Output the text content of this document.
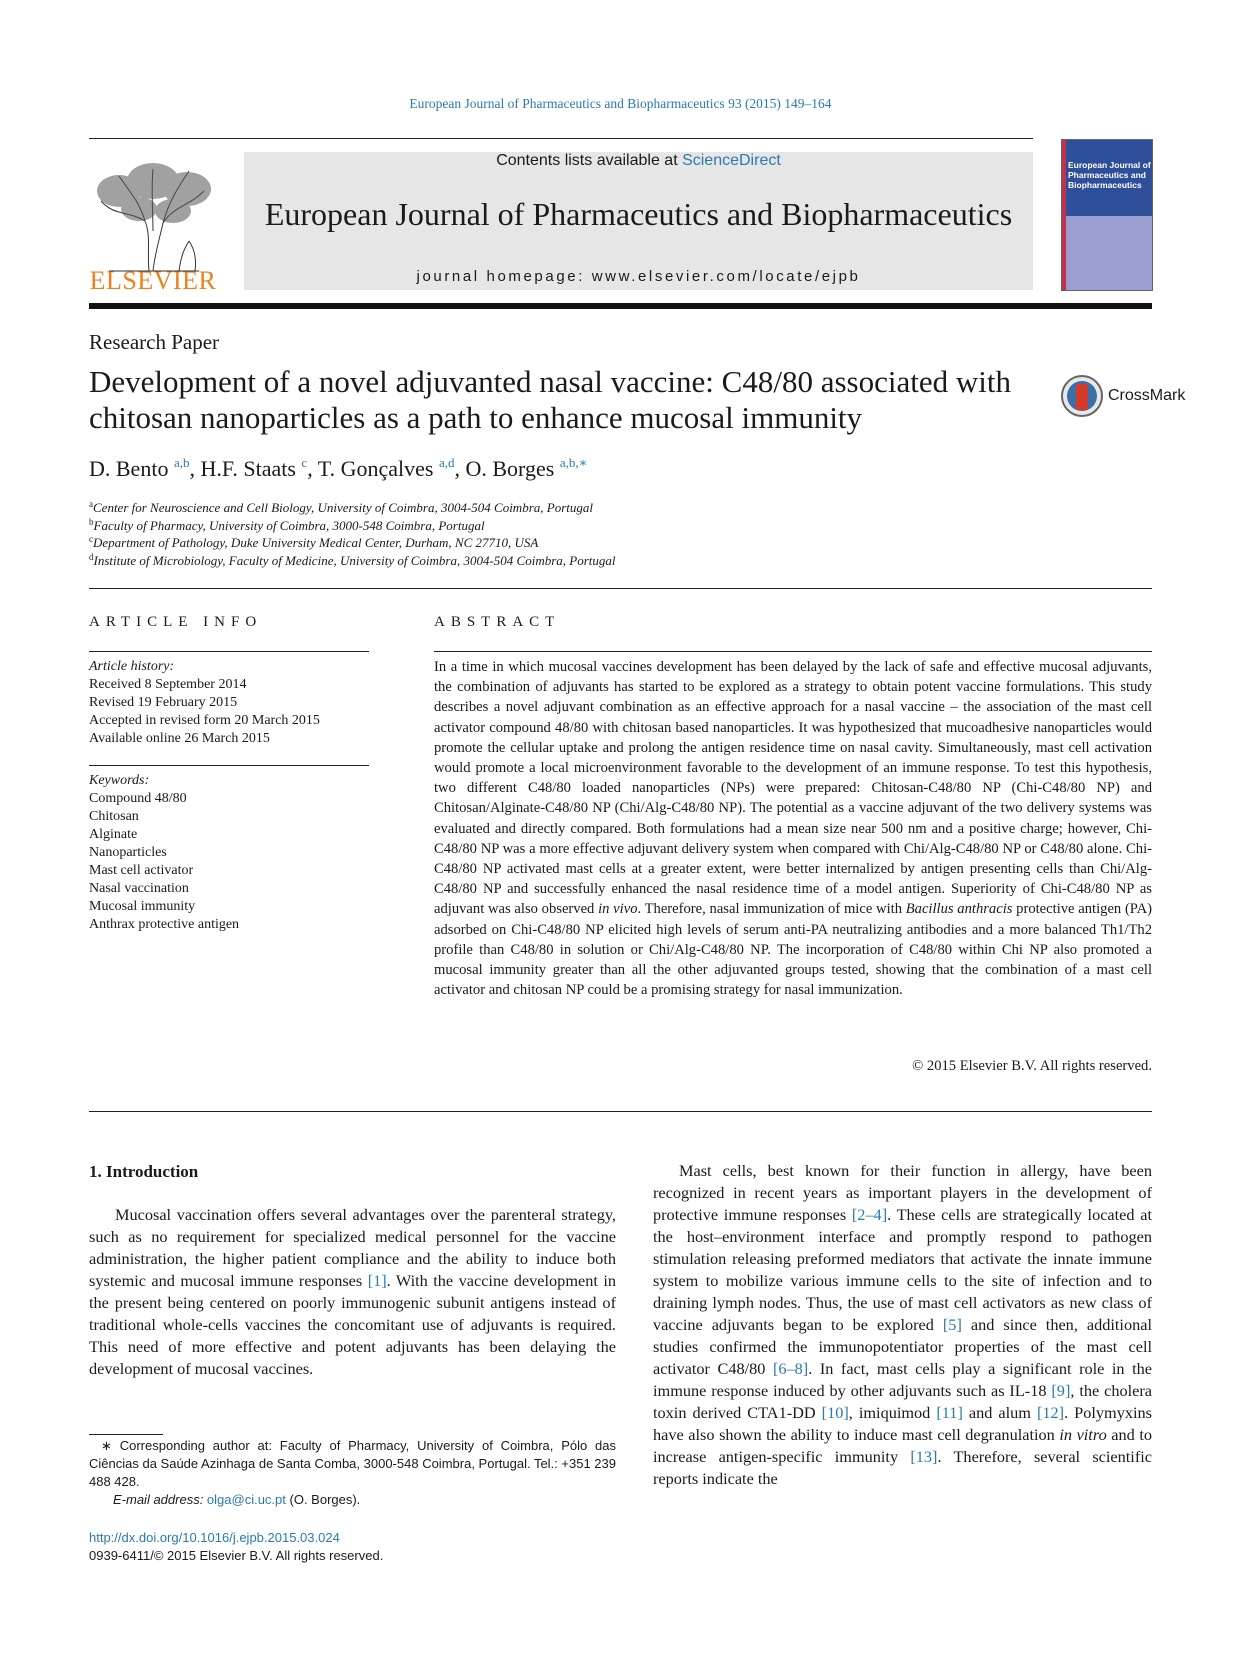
European Journal of Pharmaceutics and Biopharmaceutics 93 (2015) 149–164
ELSEVIER
Contents lists available at ScienceDirect
European Journal of Pharmaceutics and Biopharmaceutics
journal homepage: www.elsevier.com/locate/ejpb
European Journal of Pharmaceutics and Biopharmaceutics
Research Paper
Development of a novel adjuvanted nasal vaccine: C48/80 associated with chitosan nanoparticles as a path to enhance mucosal immunity
CrossMark
D. Bento $^{a,b}$, H.F. Staats $^c$, T. Gonçalves $^{a,d}$, O. Borges $^{a,b,∗}$
$^a$Center for Neuroscience and Cell Biology, University of Coimbra, 3004-504 Coimbra, Portugal
$^b$Faculty of Pharmacy, University of Coimbra, 3000-548 Coimbra, Portugal
$^c$Department of Pathology, Duke University Medical Center, Durham, NC 27710, USA
$^d$Institute of Microbiology, Faculty of Medicine, University of Coimbra, 3004-504 Coimbra, Portugal
ARTICLE INFO	ABSTRACT
Article history:
Received 8 September 2014
Revised 19 February 2015
Accepted in revised form 20 March 2015
Available online 26 March 2015
Keywords:
Compound 48/80
Chitosan
Alginate
Nanoparticles
Mast cell activator
Nasal vaccination
Mucosal immunity
Anthrax protective antigen
In a time in which mucosal vaccines development has been delayed by the lack of safe and effective mucosal adjuvants, the combination of adjuvants has started to be explored as a strategy to obtain potent vaccine formulations. This study describes a novel adjuvant combination as an effective approach for a nasal vaccine – the association of the mast cell activator compound 48/80 with chitosan based nanoparticles. It was hypothesized that mucoadhesive nanoparticles would promote the cellular uptake and prolong the antigen residence time on nasal cavity. Simultaneously, mast cell activation would promote a local microenvironment favorable to the development of an immune response. To test this hypothesis, two different C48/80 loaded nanoparticles (NPs) were prepared: Chitosan-C48/80 NP (Chi-C48/80 NP) and Chitosan/Alginate-C48/80 NP (Chi/Alg-C48/80 NP). The potential as a vaccine adjuvant of the two delivery systems was evaluated and directly compared. Both formulations had a mean size near 500 nm and a positive charge; however, Chi-C48/80 NP was a more effective adjuvant delivery system when compared with Chi/Alg-C48/80 NP or C48/80 alone. Chi-C48/80 NP activated mast cells at a greater extent, were better internalized by antigen presenting cells than Chi/Alg-C48/80 NP and successfully enhanced the nasal residence time of a model antigen. Superiority of Chi-C48/80 NP as adjuvant was also observed in vivo. Therefore, nasal immunization of mice with Bacillus anthracis protective antigen (PA) adsorbed on Chi-C48/80 NP elicited high levels of serum anti-PA neutralizing antibodies and a more balanced Th1/Th2 profile than C48/80 in solution or Chi/Alg-C48/80 NP. The incorporation of C48/80 within Chi NP also promoted a mucosal immunity greater than all the other adjuvanted groups tested, showing that the combination of a mast cell activator and chitosan NP could be a promising strategy for nasal immunization.
© 2015 Elsevier B.V. All rights reserved.
1. Introduction
Mucosal vaccination offers several advantages over the parenteral strategy, such as no requirement for specialized medical personnel for the vaccine administration, the higher patient compliance and the ability to induce both systemic and mucosal immune responses [1]. With the vaccine development in the present being centered on poorly immunogenic subunit antigens instead of traditional whole-cells vaccines the concomitant use of adjuvants is required. This need of more effective and potent adjuvants has been delaying the development of mucosal vaccines.
Mast cells, best known for their function in allergy, have been recognized in recent years as important players in the development of protective immune responses [2–4]. These cells are strategically located at the host–environment interface and promptly respond to pathogen stimulation releasing preformed mediators that activate the innate immune system to mobilize various immune cells to the site of infection and to draining lymph nodes. Thus, the use of mast cell activators as new class of vaccine adjuvants began to be explored [5] and since then, additional studies confirmed the immunopotentiator properties of the mast cell activator C48/80 [6–8]. In fact, mast cells play a significant role in the immune response induced by other adjuvants such as IL-18 [9], the cholera toxin derived CTA1-DD [10], imiquimod [11] and alum [12]. Polymyxins have also shown the ability to induce mast cell degranulation in vitro and to increase antigen-specific immunity [13]. Therefore, several scientific reports indicate the
∗ Corresponding author at: Faculty of Pharmacy, University of Coimbra, Pólo das Ciências da Saúde Azinhaga de Santa Comba, 3000-548 Coimbra, Portugal. Tel.: +351 239 488 428.
E-mail address: olga@ci.uc.pt (O. Borges).
http://dx.doi.org/10.1016/j.ejpb.2015.03.024
0939-6411/© 2015 Elsevier B.V. All rights reserved.
